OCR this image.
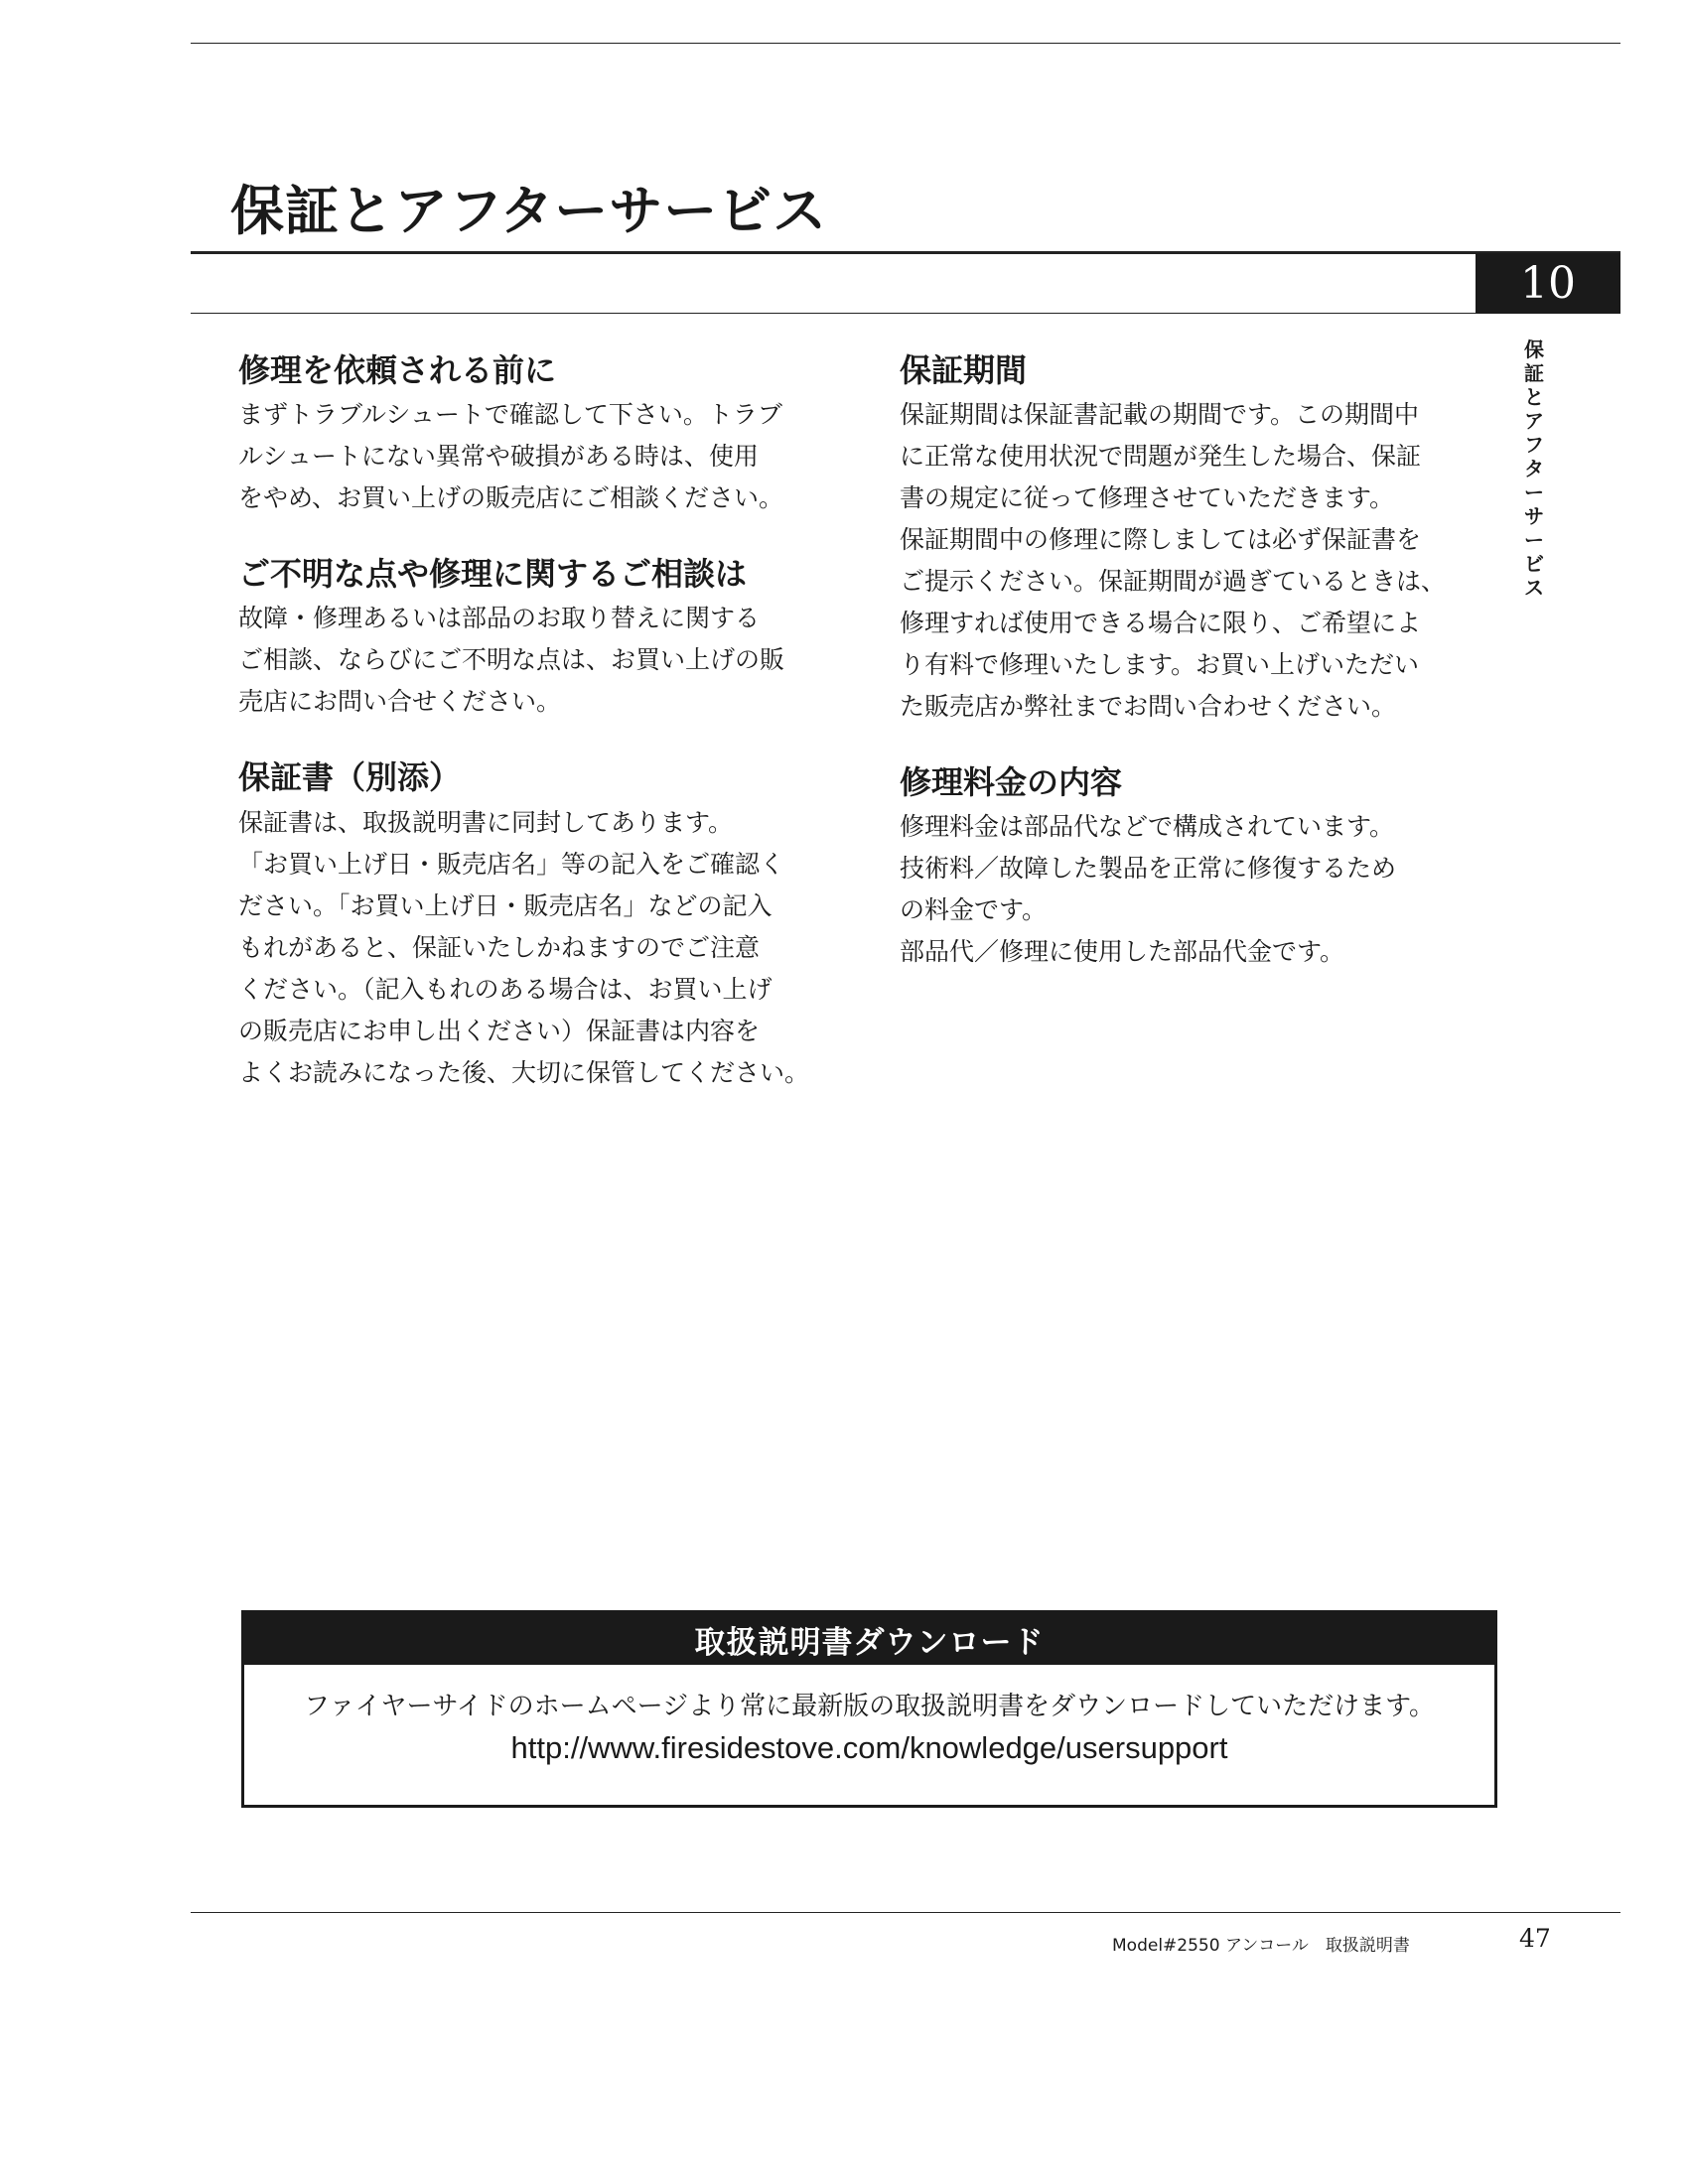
保証とアフターサービス
10
保
証
と
ア
フ
タ
ー
サ
ー
ビ
ス
修理を依頼される前に

まずトラブルシュートで確認して下さい。トラブ
ルシュートにない異常や破損がある時は、使用
をやめ、お買い上げの販売店にご相談ください。

ご不明な点や修理に関するご相談は

故障・修理あるいは部品のお取り替えに関する
ご相談、ならびにご不明な点は、お買い上げの販
売店にお問い合せください。

保証書（別添）

保証書は、取扱説明書に同封してあります。
「お買い上げ日・販売店名」等の記入をご確認く
ださい。「お買い上げ日・販売店名」などの記入
もれがあると、保証いたしかねますのでご注意
ください。（記入もれのある場合は、お買い上げ
の販売店にお申し出ください）保証書は内容を
よくお読みになった後、大切に保管してください。

保証期間

保証期間は保証書記載の期間です。この期間中
に正常な使用状況で問題が発生した場合、保証
書の規定に従って修理させていただきます。
保証期間中の修理に際しましては必ず保証書を
ご提示ください。保証期間が過ぎているときは、
修理すれば使用できる場合に限り、ご希望によ
り有料で修理いたします。お買い上げいただい
た販売店か弊社までお問い合わせください。

修理料金の内容

修理料金は部品代などで構成されています。
技術料／故障した製品を正常に修復するため
の料金です。
部品代／修理に使用した部品代金です。

取扱説明書ダウンロード
ファイヤーサイドのホームページより常に最新版の取扱説明書をダウンロードしていただけます。
http://www.firesidestove.com/knowledge/usersupport
Model#2550 アンコール　取扱説明書	47
